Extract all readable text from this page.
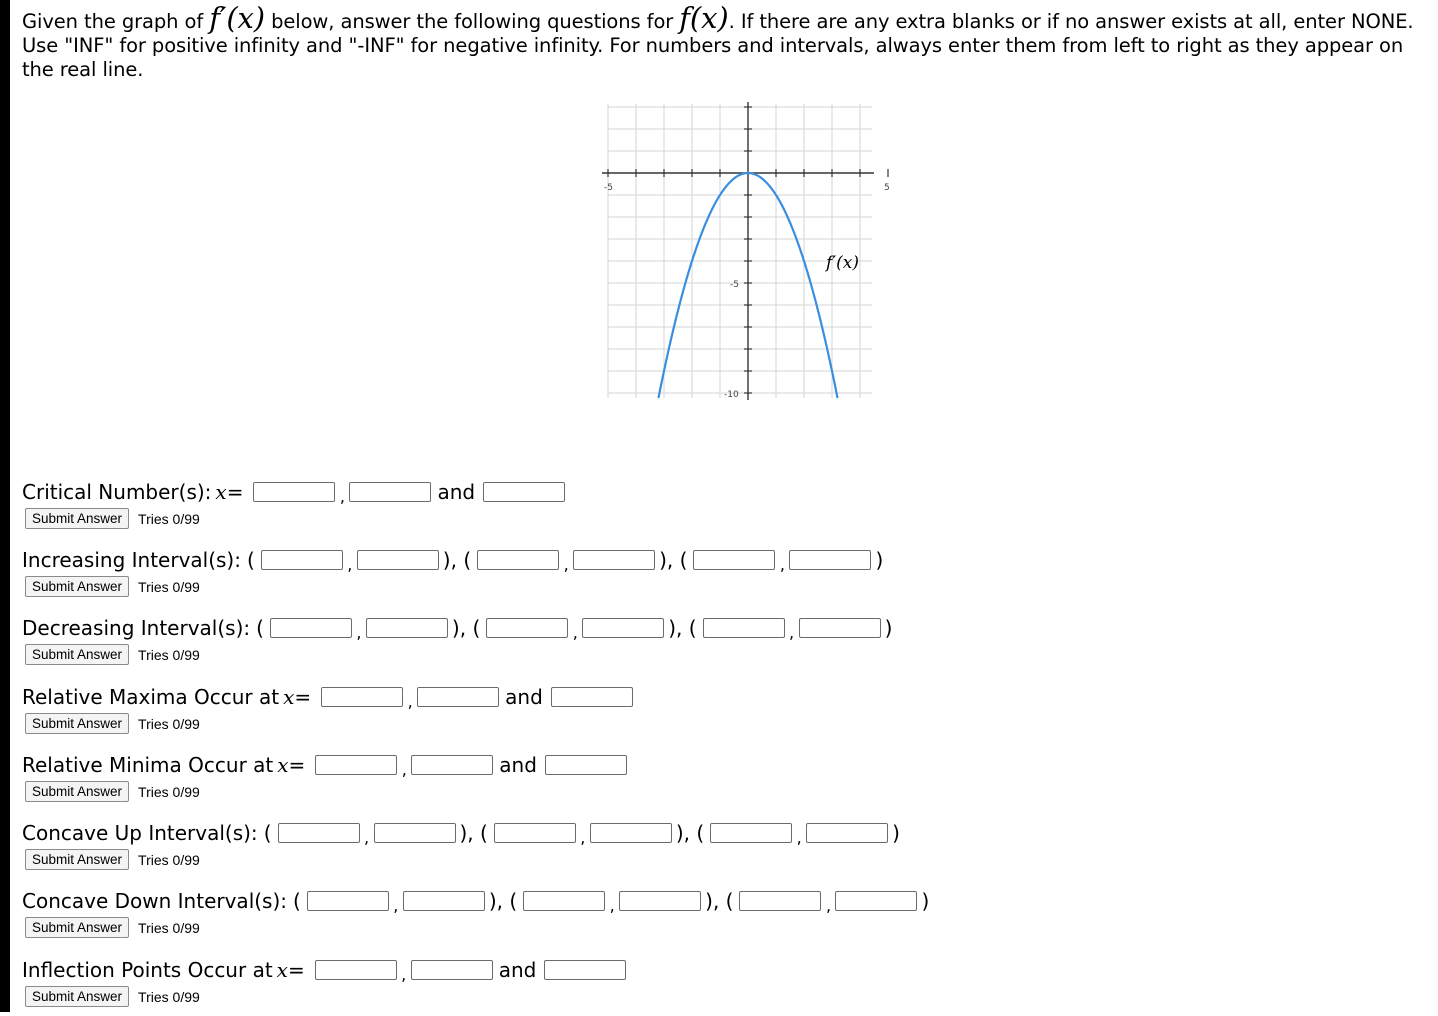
Given the graph of f′(x) below, answer the following questions for f(x). If there are any extra blanks or if no answer exists at all, enter NONE. Use "INF" for positive infinity and "-INF" for negative infinity. For numbers and intervals, always enter them from left to right as they appear on the real line.

-5	5
-5
-10
f′(x)
Critical Number(s): x =	,	and
Submit Answer	Tries 0/99
Increasing Interval(s): (	,	), (	,	), (	,	)
Submit Answer	Tries 0/99
Decreasing Interval(s): (	,	), (	,	), (	,	)
Submit Answer	Tries 0/99
Relative Maxima Occur at x =	,	and
Submit Answer	Tries 0/99
Relative Minima Occur at x =	,	and
Submit Answer	Tries 0/99
Concave Up Interval(s): (	,	), (	,	), (	,	)
Submit Answer	Tries 0/99
Concave Down Interval(s): (	,	), (	,	), (	,	)
Submit Answer	Tries 0/99
Inflection Points Occur at x =	,	and
Submit Answer	Tries 0/99
